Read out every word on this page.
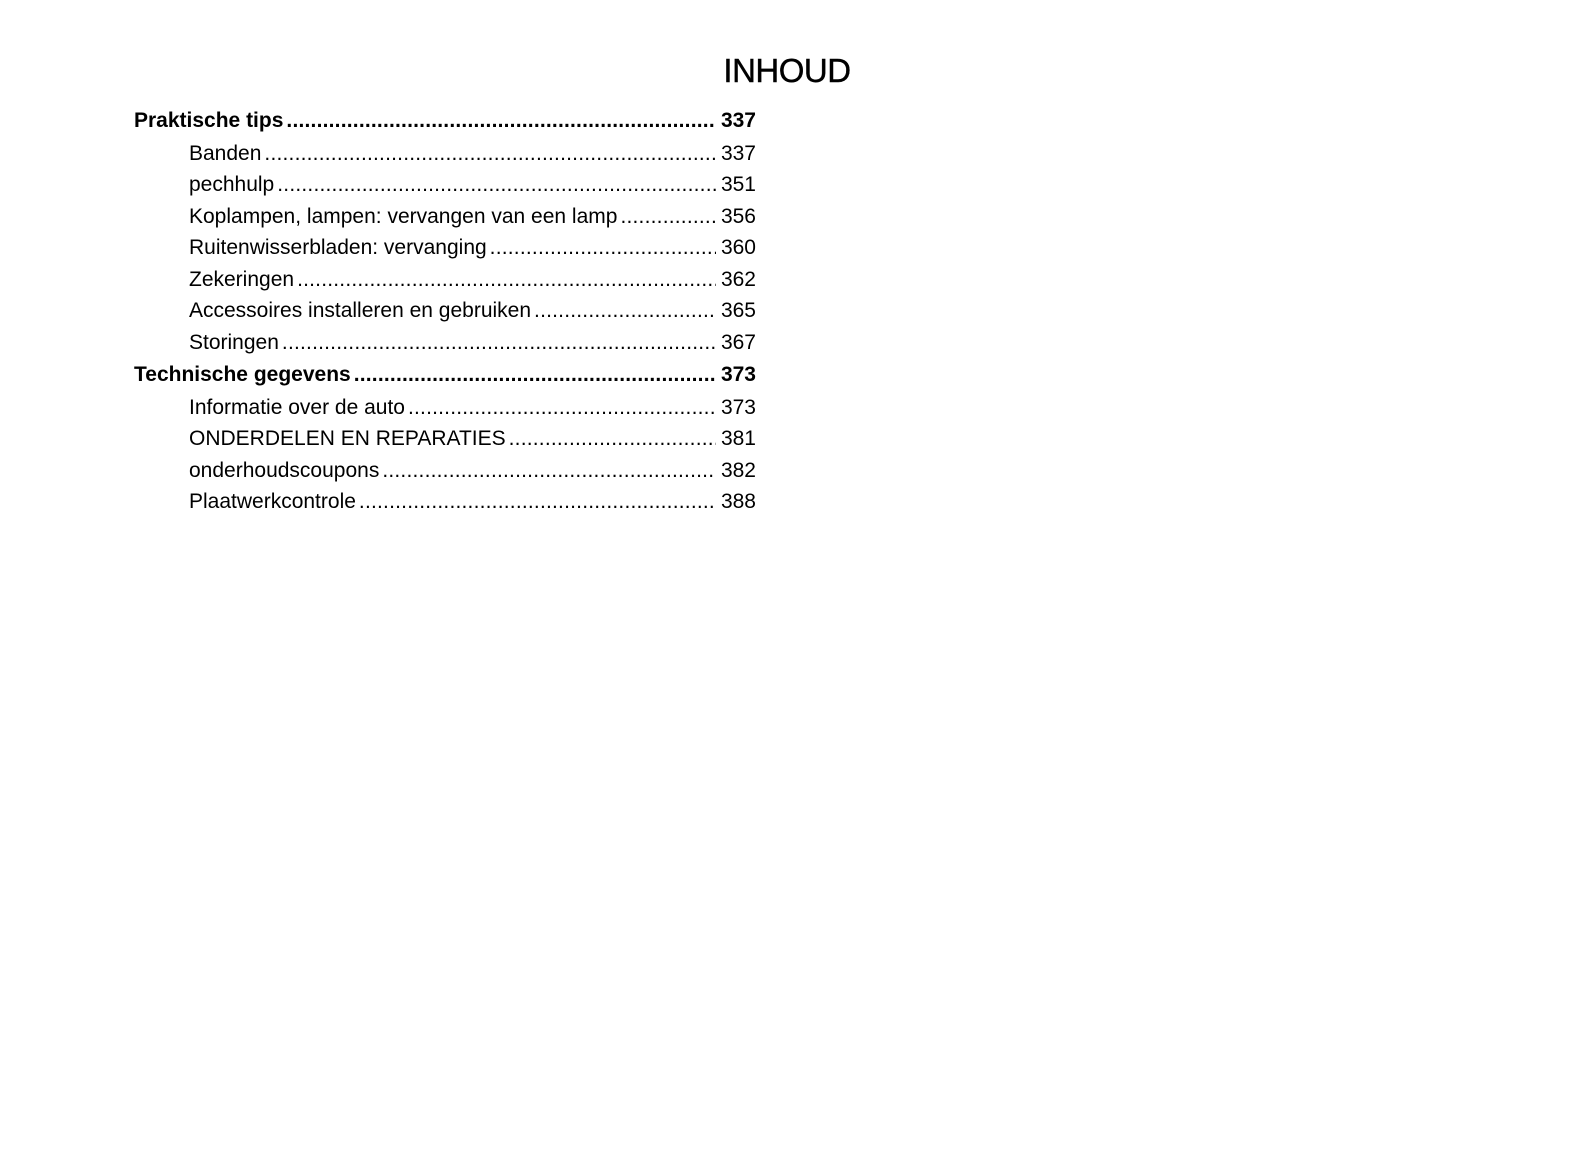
INHOUD
Praktische tips .....	337
Banden .....	337
pechhulp .....	351
Koplampen, lampen: vervangen van een lamp .....	356
Ruitenwisserbladen: vervanging .....	360
Zekeringen .....	362
Accessoires installeren en gebruiken .....	365
Storingen .....	367
Technische gegevens .....	373
Informatie over de auto .....	373
ONDERDELEN EN REPARATIES .....	381
onderhoudscoupons .....	382
Plaatwerkcontrole .....	388
